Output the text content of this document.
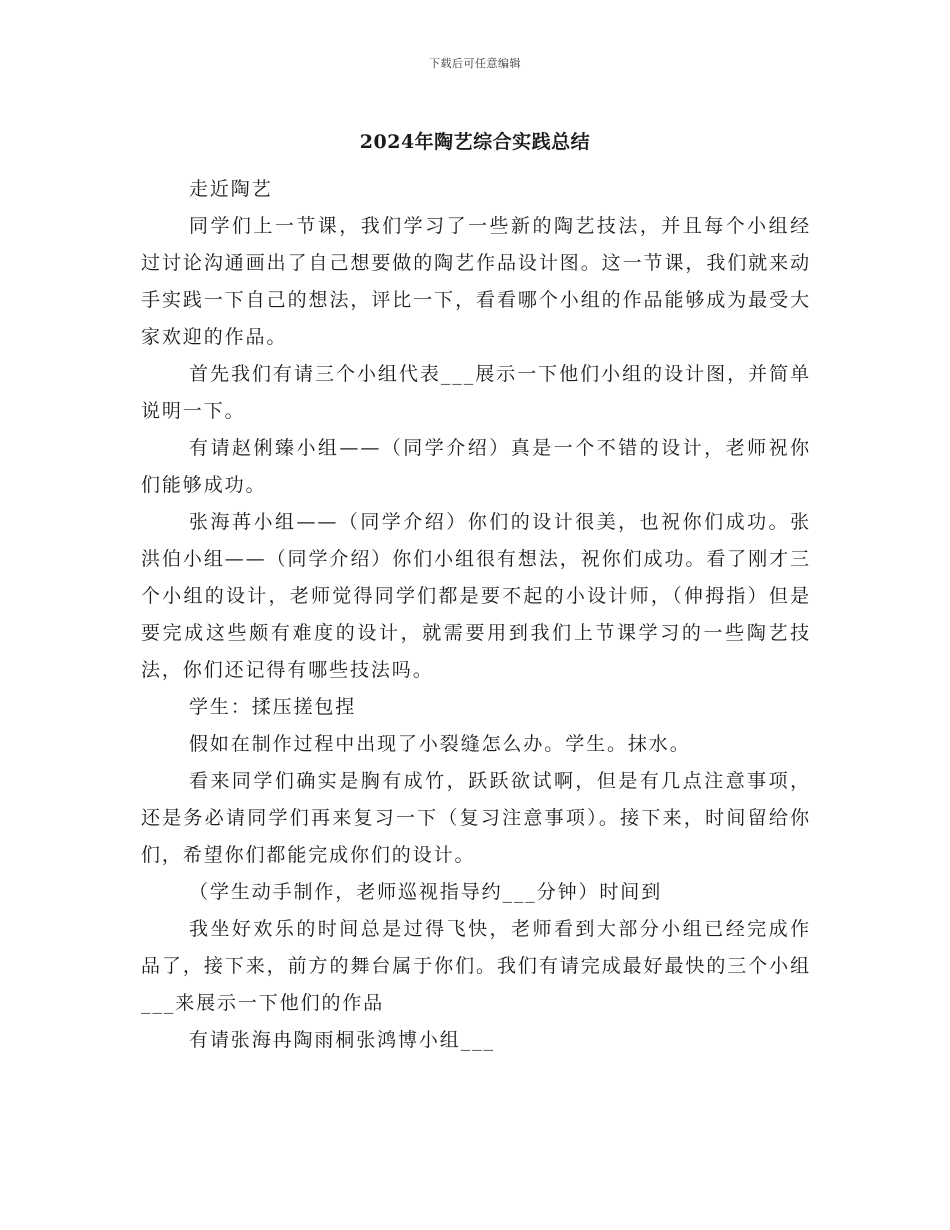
下载后可任意编辑
2024年陶艺综合实践总结

走近陶艺

同学们上一节课，我们学习了一些新的陶艺技法，并且每个小组经过讨论沟通画出了自己想要做的陶艺作品设计图。这一节课，我们就来动手实践一下自己的想法，评比一下，看看哪个小组的作品能够成为最受大家欢迎的作品。

首先我们有请三个小组代表___展示一下他们小组的设计图，并简单说明一下。

有请赵俐臻小组——（同学介绍）真是一个不错的设计，老师祝你们能够成功。

张海苒小组——（同学介绍）你们的设计很美，也祝你们成功。张洪伯小组——（同学介绍）你们小组很有想法，祝你们成功。看了刚才三个小组的设计，老师觉得同学们都是要不起的小设计师，（伸拇指）但是要完成这些颇有难度的设计，就需要用到我们上节课学习的一些陶艺技法，你们还记得有哪些技法吗。

学生：揉压搓包捏

假如在制作过程中出现了小裂缝怎么办。学生。抹水。

看来同学们确实是胸有成竹，跃跃欲试啊，但是有几点注意事项，还是务必请同学们再来复习一下（复习注意事项）。接下来，时间留给你们，希望你们都能完成你们的设计。

（学生动手制作，老师巡视指导约___分钟）时间到

我坐好欢乐的时间总是过得飞快，老师看到大部分小组已经完成作品了，接下来，前方的舞台属于你们。我们有请完成最好最快的三个小组___来展示一下他们的作品

有请张海冉陶雨桐张鸿博小组___
